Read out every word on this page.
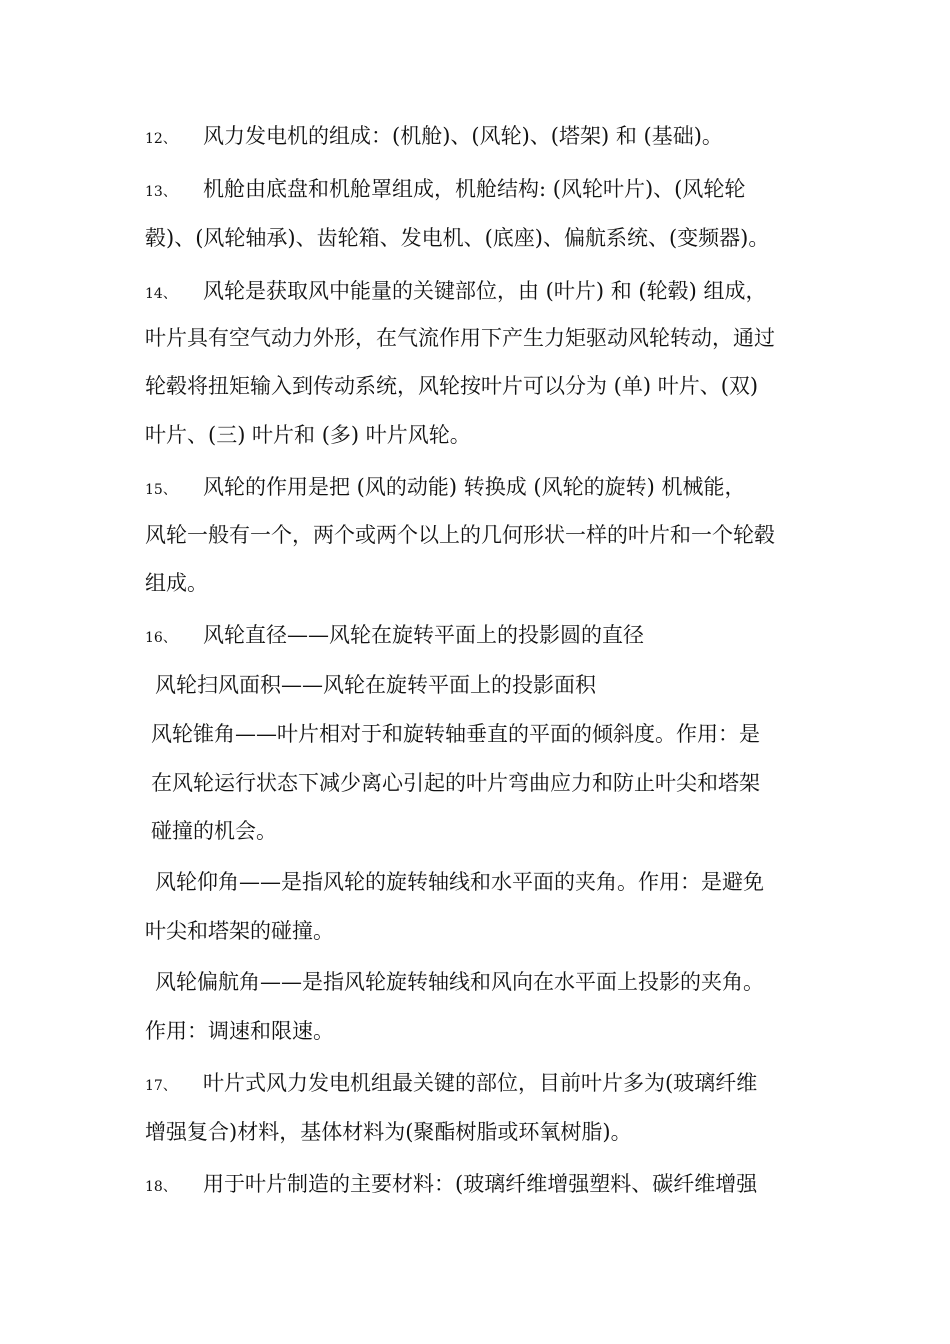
12、 风力发电机的组成：(机舱)、(风轮)、(塔架) 和 (基础)。
13、 机舱由底盘和机舱罩组成，机舱结构: (风轮叶片)、(风轮轮
毂)、(风轮轴承)、齿轮箱、发电机、(底座)、偏航系统、(变频器)。
14、 风轮是获取风中能量的关键部位，由 (叶片) 和 (轮毂) 组成，
叶片具有空气动力外形，在气流作用下产生力矩驱动风轮转动，通过
轮毂将扭矩输入到传动系统，风轮按叶片可以分为 (单) 叶片、(双)
叶片、(三) 叶片和 (多) 叶片风轮。
15、 风轮的作用是把 (风的动能) 转换成 (风轮的旋转) 机械能，
风轮一般有一个，两个或两个以上的几何形状一样的叶片和一个轮毂
组成。
16、 风轮直径——风轮在旋转平面上的投影圆的直径
风轮扫风面积——风轮在旋转平面上的投影面积
风轮锥角——叶片相对于和旋转轴垂直的平面的倾斜度。作用：是
在风轮运行状态下减少离心引起的叶片弯曲应力和防止叶尖和塔架
碰撞的机会。
风轮仰角——是指风轮的旋转轴线和水平面的夹角。作用：是避免
叶尖和塔架的碰撞。
风轮偏航角——是指风轮旋转轴线和风向在水平面上投影的夹角。
作用：调速和限速。
17、 叶片式风力发电机组最关键的部位，目前叶片多为(玻璃纤维
增强复合)材料，基体材料为(聚酯树脂或环氧树脂)。
18、 用于叶片制造的主要材料：(玻璃纤维增强塑料、碳纤维增强
